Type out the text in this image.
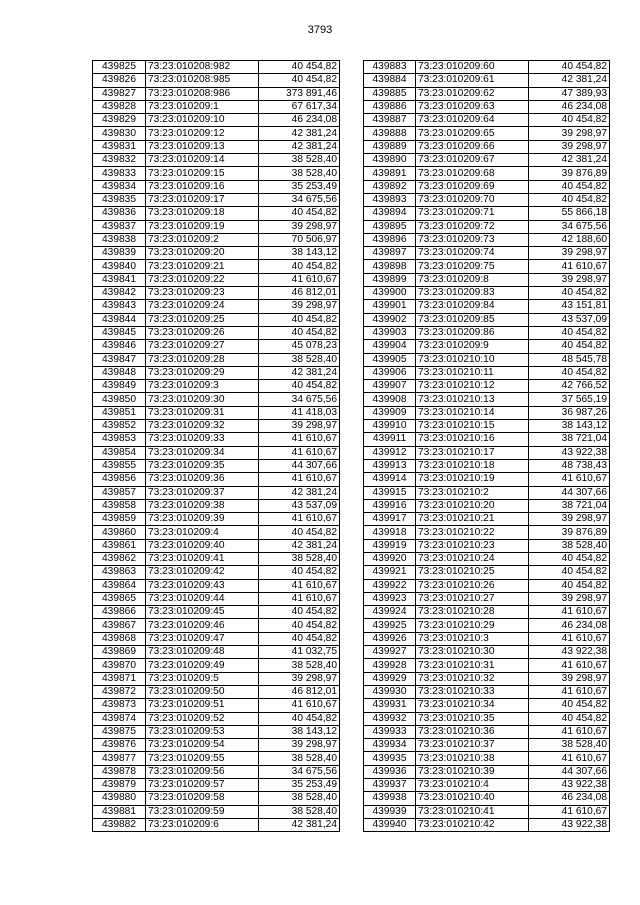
3793
439825	73:23:010208:982	40 454,82
439826	73:23:010208:985	40 454,82
439827	73:23:010208:986	373 891,46
439828	73:23:010209:1	67 617,34
439829	73:23:010209:10	46 234,08
439830	73:23:010209:12	42 381,24
439831	73:23:010209:13	42 381,24
439832	73:23:010209:14	38 528,40
439833	73:23:010209:15	38 528,40
439834	73:23:010209:16	35 253,49
439835	73:23:010209:17	34 675,56
439836	73:23:010209:18	40 454,82
439837	73:23:010209:19	39 298,97
439838	73:23:010209:2	70 506,97
439839	73:23:010209:20	38 143,12
439840	73:23:010209:21	40 454,82
439841	73:23:010209:22	41 610,67
439842	73:23:010209:23	46 812,01
439843	73:23:010209:24	39 298,97
439844	73:23:010209:25	40 454,82
439845	73:23:010209:26	40 454,82
439846	73:23:010209:27	45 078,23
439847	73:23:010209:28	38 528,40
439848	73:23:010209:29	42 381,24
439849	73:23:010209:3	40 454,82
439850	73:23:010209:30	34 675,56
439851	73:23:010209:31	41 418,03
439852	73:23:010209:32	39 298,97
439853	73:23:010209:33	41 610,67
439854	73:23:010209:34	41 610,67
439855	73:23:010209:35	44 307,66
439856	73:23:010209:36	41 610,67
439857	73:23:010209:37	42 381,24
439858	73:23:010209:38	43 537,09
439859	73:23:010209:39	41 610,67
439860	73:23:010209:4	40 454,82
439861	73:23:010209:40	42 381,24
439862	73:23:010209:41	38 528,40
439863	73:23:010209:42	40 454,82
439864	73:23:010209:43	41 610,67
439865	73:23:010209:44	41 610,67
439866	73:23:010209:45	40 454,82
439867	73:23:010209:46	40 454,82
439868	73:23:010209:47	40 454,82
439869	73:23:010209:48	41 032,75
439870	73:23:010209:49	38 528,40
439871	73:23:010209:5	39 298,97
439872	73:23:010209:50	46 812,01
439873	73:23:010209:51	41 610,67
439874	73:23:010209:52	40 454,82
439875	73:23:010209:53	38 143,12
439876	73:23:010209:54	39 298,97
439877	73:23:010209:55	38 528,40
439878	73:23:010209:56	34 675,56
439879	73:23:010209:57	35 253,49
439880	73:23:010209:58	38 528,40
439881	73:23:010209:59	38 528,40
439882	73:23:010209:6	42 381,24
439883	73:23:010209:60	40 454,82
439884	73:23:010209:61	42 381,24
439885	73:23:010209:62	47 389,93
439886	73:23:010209:63	46 234,08
439887	73:23:010209:64	40 454,82
439888	73:23:010209:65	39 298,97
439889	73:23:010209:66	39 298,97
439890	73:23:010209:67	42 381,24
439891	73:23:010209:68	39 876,89
439892	73:23:010209:69	40 454,82
439893	73:23:010209:70	40 454,82
439894	73:23:010209:71	55 866,18
439895	73:23:010209:72	34 675,56
439896	73:23:010209:73	42 188,60
439897	73:23:010209:74	39 298,97
439898	73:23:010209:75	41 610,67
439899	73:23:010209:8	39 298,97
439900	73:23:010209:83	40 454,82
439901	73:23:010209:84	43 151,81
439902	73:23:010209:85	43 537,09
439903	73:23:010209:86	40 454,82
439904	73:23:010209:9	40 454,82
439905	73:23:010210:10	48 545,78
439906	73:23:010210:11	40 454,82
439907	73:23:010210:12	42 766,52
439908	73:23:010210:13	37 565,19
439909	73:23:010210:14	36 987,26
439910	73:23:010210:15	38 143,12
439911	73:23:010210:16	38 721,04
439912	73:23:010210:17	43 922,38
439913	73:23:010210:18	48 738,43
439914	73:23:010210:19	41 610,67
439915	73:23:010210:2	44 307,66
439916	73:23:010210:20	38 721,04
439917	73:23:010210:21	39 298,97
439918	73:23:010210:22	39 876,89
439919	73:23:010210:23	38 528,40
439920	73:23:010210:24	40 454,82
439921	73:23:010210:25	40 454,82
439922	73:23:010210:26	40 454,82
439923	73:23:010210:27	39 298,97
439924	73:23:010210:28	41 610,67
439925	73:23:010210:29	46 234,08
439926	73:23:010210:3	41 610,67
439927	73:23:010210:30	43 922,38
439928	73:23:010210:31	41 610,67
439929	73:23:010210:32	39 298,97
439930	73:23:010210:33	41 610,67
439931	73:23:010210:34	40 454,82
439932	73:23:010210:35	40 454,82
439933	73:23:010210:36	41 610,67
439934	73:23:010210:37	38 528,40
439935	73:23:010210:38	41 610,67
439936	73:23:010210:39	44 307,66
439937	73:23:010210:4	43 922,38
439938	73:23:010210:40	46 234,08
439939	73:23:010210:41	41 610,67
439940	73:23:010210:42	43 922,38
